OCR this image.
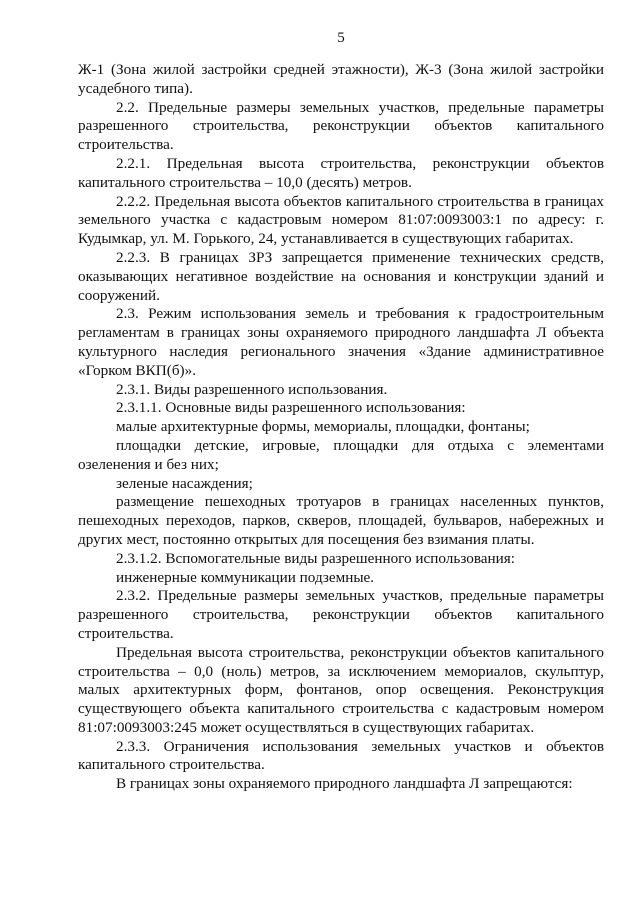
5

Ж-1 (Зона жилой застройки средней этажности), Ж-3 (Зона жилой застройки усадебного типа).

2.2. Предельные размеры земельных участков, предельные параметры разрешенного строительства, реконструкции объектов капитального строительства.

2.2.1. Предельная высота строительства, реконструкции объектов капитального строительства – 10,0 (десять) метров.

2.2.2. Предельная высота объектов капитального строительства в границах земельного участка с кадастровым номером 81:07:0093003:1 по адресу: г. Кудымкар, ул. М. Горького, 24, устанавливается в существующих габаритах.

2.2.3. В границах ЗРЗ запрещается применение технических средств, оказывающих негативное воздействие на основания и конструкции зданий и сооружений.

2.3. Режим использования земель и требования к градостроительным регламентам в границах зоны охраняемого природного ландшафта Л объекта культурного наследия регионального значения «Здание административное «Горком ВКП(б)».

2.3.1. Виды разрешенного использования.

2.3.1.1. Основные виды разрешенного использования:

малые архитектурные формы, мемориалы, площадки, фонтаны;

площадки детские, игровые, площадки для отдыха с элементами озеленения и без них;

зеленые насаждения;

размещение пешеходных тротуаров в границах населенных пунктов, пешеходных переходов, парков, скверов, площадей, бульваров, набережных и других мест, постоянно открытых для посещения без взимания платы.

2.3.1.2. Вспомогательные виды разрешенного использования:

инженерные коммуникации подземные.

2.3.2. Предельные размеры земельных участков, предельные параметры разрешенного строительства, реконструкции объектов капитального строительства.

Предельная высота строительства, реконструкции объектов капитального строительства – 0,0 (ноль) метров, за исключением мемориалов, скульптур, малых архитектурных форм, фонтанов, опор освещения. Реконструкция существующего объекта капитального строительства с кадастровым номером 81:07:0093003:245 может осуществляться в существующих габаритах.

2.3.3. Ограничения использования земельных участков и объектов капитального строительства.

В границах зоны охраняемого природного ландшафта Л запрещаются:
